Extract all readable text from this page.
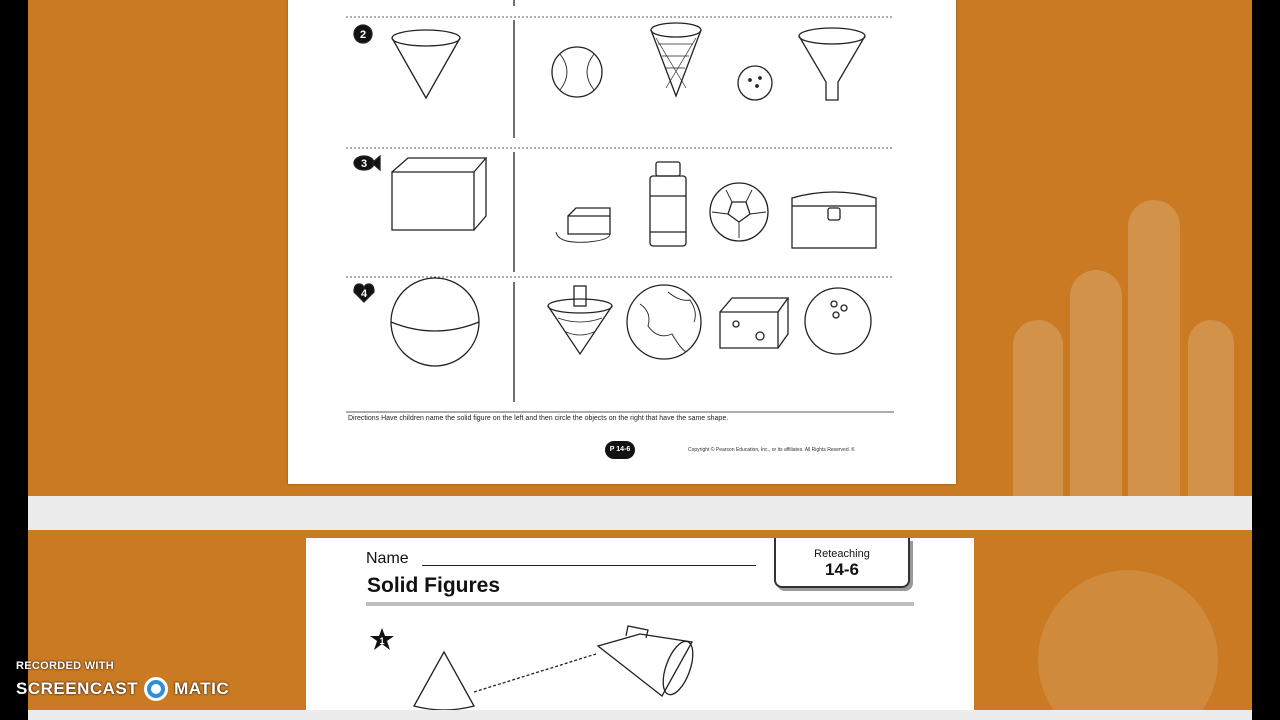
2
3
4
Directions Have children name the solid figure on the left and then circle the objects on the right that have the same shape.
P 14-6	Copyright © Pearson Education, Inc., or its affiliates. All Rights Reserved. K
Name
Solid Figures
Reteaching
14-6
1
RECORDED WITH
SCREENCAST MATIC
